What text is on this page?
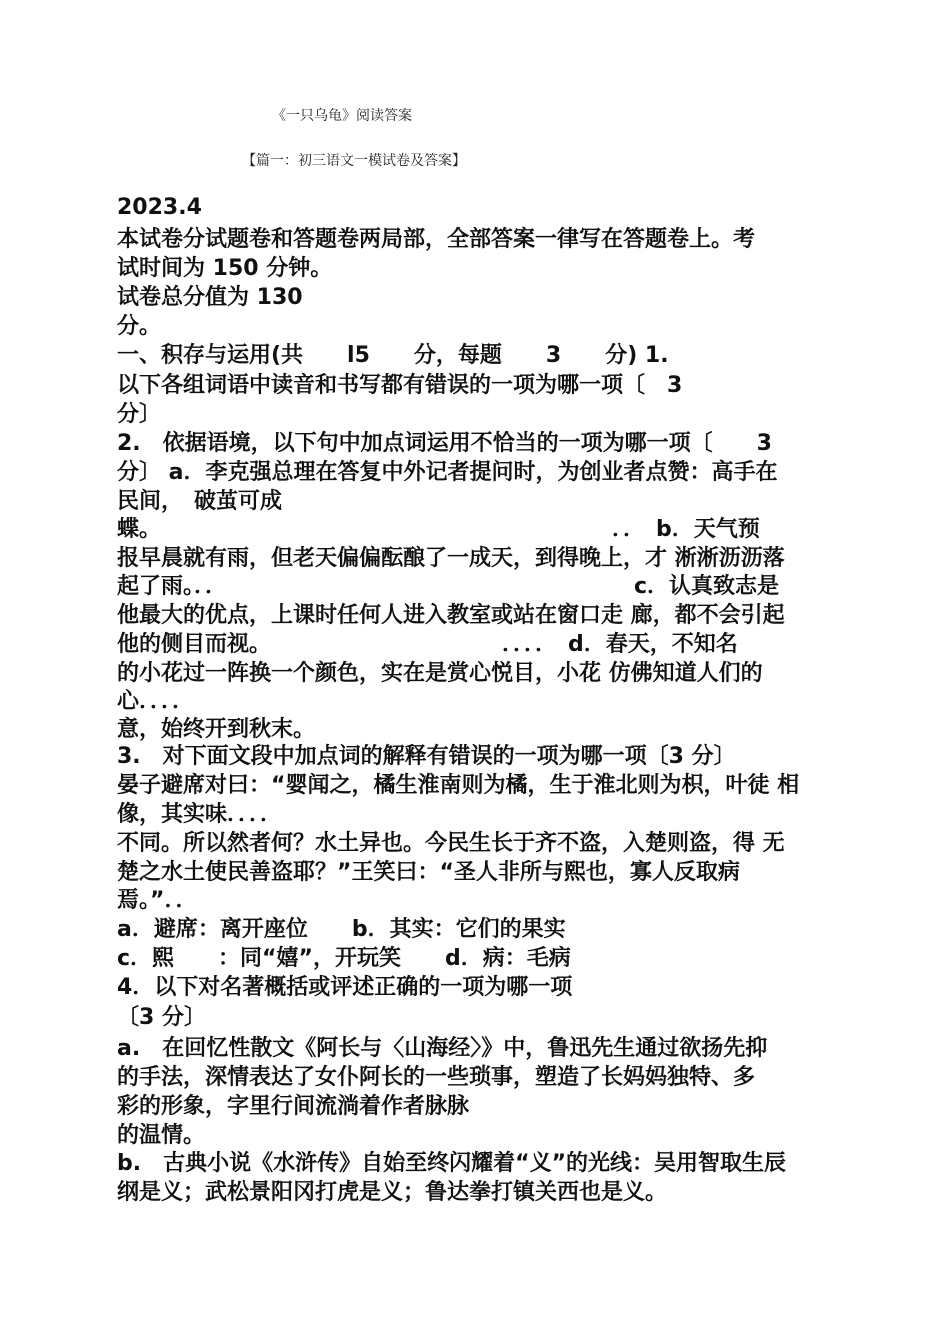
《一只乌龟》阅读答案
【篇一：初三语文一模试卷及答案】
2023.4
本试卷分试题卷和答题卷两局部，全部答案一律写在答题卷上。考
试时间为 150 分钟。
试卷总分值为 130
分。
一、积存与运用(共　　l5　　分，每题　　3　　分) 1.
以下各组词语中读音和书写都有错误的一项为哪一项〔　3
分〕
2.　依据语境，以下句中加点词运用不恰当的一项为哪一项〔　　3
分〕 a．李克强总理在答复中外记者提问时，为创业者点赞：高手在
民间，　破茧可成
蝶。　　　　　　　　　　　　　　　　　　　　　．．　b．天气预
报早晨就有雨，但老天偏偏酝酿了一成天，到得晚上，才 淅淅沥沥落
起了雨。．．　　　　　　　　　　　　　　　　　　　c．认真致志是
他最大的优点，上课时任何人进入教室或站在窗口走 廊，都不会引起
他的侧目而视。　　　　　　　　　　　．．．．　d．春天，不知名
的小花过一阵换一个颜色，实在是赏心悦目，小花 仿佛知道人们的
心．．．．
意，始终开到秋末。
3.　对下面文段中加点词的解释有错误的一项为哪一项〔3 分〕
晏子避席对曰：“婴闻之，橘生淮南则为橘，生于淮北则为枳，叶徒 相
像，其实味．．．．
不同。所以然者何？水土异也。今民生长于齐不盗，入楚则盗，得 无
楚之水土使民善盗耶？”王笑曰：“圣人非所与熙也，寡人反取病
焉。”．．
a．避席：离开座位　　b．其实：它们的果实
c．熙　　：同“嬉”，开玩笑　　d．病：毛病
4．以下对名著概括或评述正确的一项为哪一项
〔3 分〕
a.　在回忆性散文《阿长与〈山海经〉》中，鲁迅先生通过欲扬先抑
的手法，深情表达了女仆阿长的一些琐事，塑造了长妈妈独特、多
彩的形象，字里行间流淌着作者脉脉
的温情。
b.　古典小说《水浒传》自始至终闪耀着“义”的光线：吴用智取生辰
纲是义；武松景阳冈打虎是义；鲁达拳打镇关西也是义。
